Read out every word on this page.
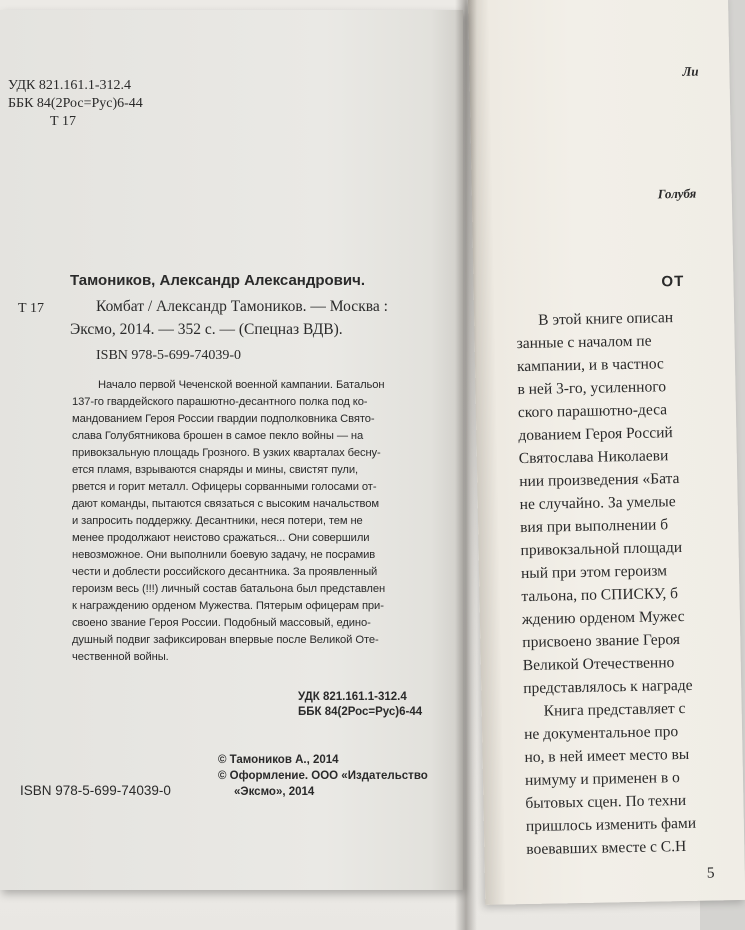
Ли
Голубя
ОТ
В этой книге описан
занные с началом пе
кампании, и в частнос
в ней 3-го, усиленного
ского парашютно-деса
дованием Героя Россий
Святослава Николаеви
нии произведения «Бата
не случайно. За умелые
вия при выполнении б
привокзальной площади
ный при этом героизм
тальона, по СПИСКУ, б
ждению орденом Мужес
присвоено звание Героя
Великой Отечественно
представлялось к награде
Книга представляет с
не документальное про
но, в ней имеет место вы
нимуму и применен в о
бытовых сцен. По техни
пришлось изменить фами
воевавших вместе с С.Н
5
УДК 821.161.1-312.4
ББК 84(2Рос=Рус)6-44
Т 17
Тамоников, Александр Александрович.
Т 17	Комбат / Александр Тамоников. — Москва :
Эксмо, 2014. — 352 с. — (Спецназ ВДВ).
ISBN 978-5-699-74039-0
Начало первой Чеченской военной кампании. Батальон
137-го гвардейского парашютно-десантного полка под ко-
мандованием Героя России гвардии подполковника Свято-
слава Голубятникова брошен в самое пекло войны — на
привокзальную площадь Грозного. В узких кварталах бесну-
ется пламя, взрываются снаряды и мины, свистят пули,
рвется и горит металл. Офицеры сорванными голосами от-
дают команды, пытаются связаться с высоким начальством
и запросить поддержку. Десантники, неся потери, тем не
менее продолжают неистово сражаться... Они совершили
невозможное. Они выполнили боевую задачу, не посрамив
чести и доблести российского десантника. За проявленный
героизм весь (!!!) личный состав батальона был представлен
к награждению орденом Мужества. Пятерым офицерам при-
своено звание Героя России. Подобный массовый, едино-
душный подвиг зафиксирован впервые после Великой Оте-
чественной войны.
УДК 821.161.1-312.4
ББК 84(2Рос=Рус)6-44
© Тамоников А., 2014
© Оформление. ООО «Издательство
«Эксмо», 2014
ISBN 978-5-699-74039-0
